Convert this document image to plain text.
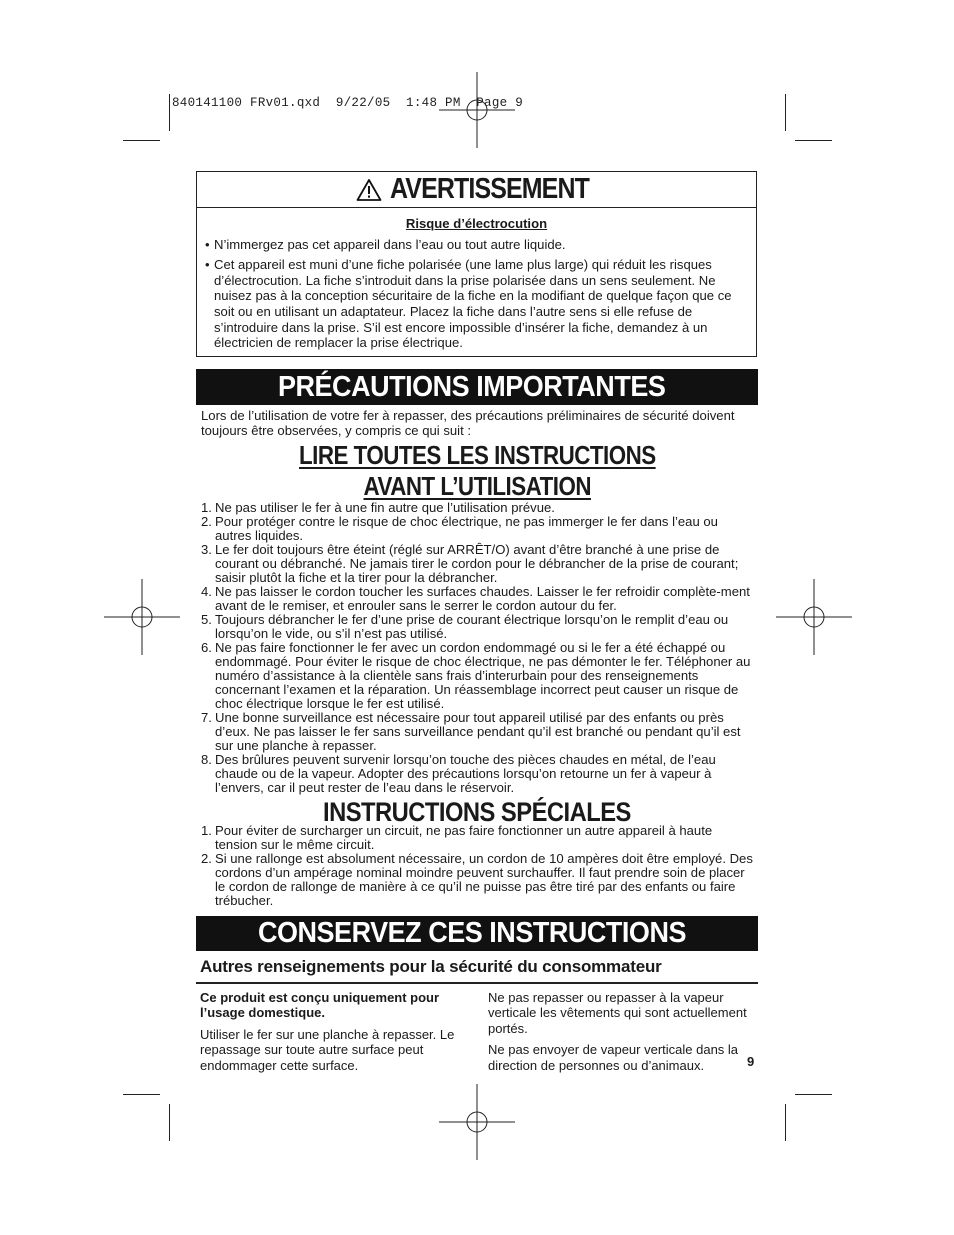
840141100 FRv01.qxd  9/22/05  1:48 PM  Page 9
AVERTISSEMENT

Risque d’électrocution

• N’immergez pas cet appareil dans l’eau ou tout autre liquide.
• Cet appareil est muni d’une fiche polarisée (une lame plus large) qui réduit les risques d’électrocution. La fiche s’introduit dans la prise polarisée dans un sens seulement. Ne nuisez pas à la conception sécuritaire de la fiche en la modifiant de quelque façon que ce soit ou en utilisant un adaptateur. Placez la fiche dans l’autre sens si elle refuse de s’introduire dans la prise. S’il est encore impossible d’insérer la fiche, demandez à un électricien de remplacer la prise électrique.
PRÉCAUTIONS IMPORTANTES

Lors de l’utilisation de votre fer à repasser, des précautions préliminaires de sécurité doivent toujours être observées, y compris ce qui suit :

LIRE TOUTES LES INSTRUCTIONS
AVANT L’UTILISATION
1. Ne pas utiliser le fer à une fin autre que l’utilisation prévue.
2. Pour protéger contre le risque de choc électrique, ne pas immerger le fer dans l’eau ou autres liquides.
3. Le fer doit toujours être éteint (réglé sur ARRÊT/O) avant d’être branché à une prise de courant ou débranché. Ne jamais tirer le cordon pour le débrancher de la prise de courant; saisir plutôt la fiche et la tirer pour la débrancher.
4. Ne pas laisser le cordon toucher les surfaces chaudes. Laisser le fer refroidir complète-ment avant de le remiser, et enrouler sans le serrer le cordon autour du fer.
5. Toujours débrancher le fer d’une prise de courant électrique lorsqu’on le remplit d’eau ou lorsqu’on le vide, ou s’il n’est pas utilisé.
6. Ne pas faire fonctionner le fer avec un cordon endommagé ou si le fer a été échappé ou endommagé. Pour éviter le risque de choc électrique, ne pas démonter le fer. Téléphoner au numéro d’assistance à la clientèle sans frais d’interurbain pour des renseignements concernant l’examen et la réparation. Un réassemblage incorrect peut causer un risque de choc électrique lorsque le fer est utilisé.
7. Une bonne surveillance est nécessaire pour tout appareil utilisé par des enfants ou près d’eux. Ne pas laisser le fer sans surveillance pendant qu’il est branché ou pendant qu’il est sur une planche à repasser.
8. Des brûlures peuvent survenir lorsqu’on touche des pièces chaudes en métal, de l’eau chaude ou de la vapeur. Adopter des précautions lorsqu’on retourne un fer à vapeur à l’envers, car il peut rester de l’eau dans le réservoir.
INSTRUCTIONS SPÉCIALES
1. Pour éviter de surcharger un circuit, ne pas faire fonctionner un autre appareil à haute tension sur le même circuit.
2. Si une rallonge est absolument nécessaire, un cordon de 10 ampères doit être employé. Des cordons d’un ampérage nominal moindre peuvent surchauffer. Il faut prendre soin de placer le cordon de rallonge de manière à ce qu’il ne puisse pas être tiré par des enfants ou faire trébucher.
CONSERVEZ CES INSTRUCTIONS
Autres renseignements pour la sécurité du consommateur

Ce produit est conçu uniquement pour l’usage domestique.

Utiliser le fer sur une planche à repasser. Le repassage sur toute autre surface peut endommager cette surface.

Ne pas repasser ou repasser à la vapeur verticale les vêtements qui sont actuellement portés.

Ne pas envoyer de vapeur verticale dans la direction de personnes ou d’animaux.	9
